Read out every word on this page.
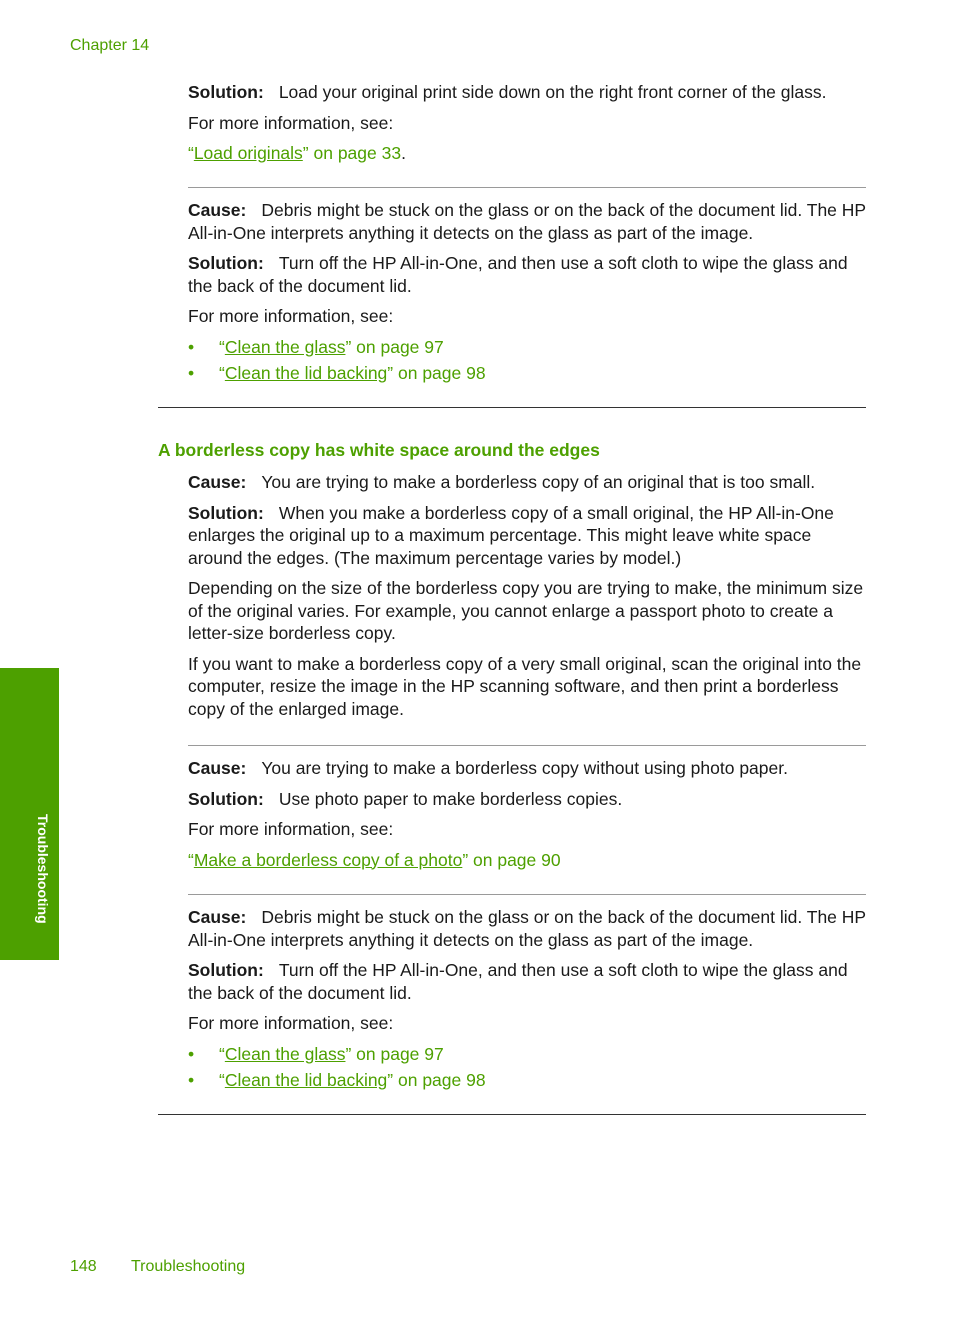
Chapter 14
Troubleshooting

Solution: Load your original print side down on the right front corner of the glass.

For more information, see:

“Load originals” on page 33.

Cause: Debris might be stuck on the glass or on the back of the document lid. The HP All-in-One interprets anything it detects on the glass as part of the image.

Solution: Turn off the HP All-in-One, and then use a soft cloth to wipe the glass and the back of the document lid.

For more information, see:

• “Clean the glass” on page 97

• “Clean the lid backing” on page 98

A borderless copy has white space around the edges

Cause: You are trying to make a borderless copy of an original that is too small.

Solution: When you make a borderless copy of a small original, the HP All-in-One enlarges the original up to a maximum percentage. This might leave white space around the edges. (The maximum percentage varies by model.)

Depending on the size of the borderless copy you are trying to make, the minimum size of the original varies. For example, you cannot enlarge a passport photo to create a letter-size borderless copy.

If you want to make a borderless copy of a very small original, scan the original into the computer, resize the image in the HP scanning software, and then print a borderless copy of the enlarged image.

Cause: You are trying to make a borderless copy without using photo paper.

Solution: Use photo paper to make borderless copies.

For more information, see:

“Make a borderless copy of a photo” on page 90

Cause: Debris might be stuck on the glass or on the back of the document lid. The HP All-in-One interprets anything it detects on the glass as part of the image.

Solution: Turn off the HP All-in-One, and then use a soft cloth to wipe the glass and the back of the document lid.

For more information, see:

• “Clean the glass” on page 97

• “Clean the lid backing” on page 98

148 Troubleshooting
